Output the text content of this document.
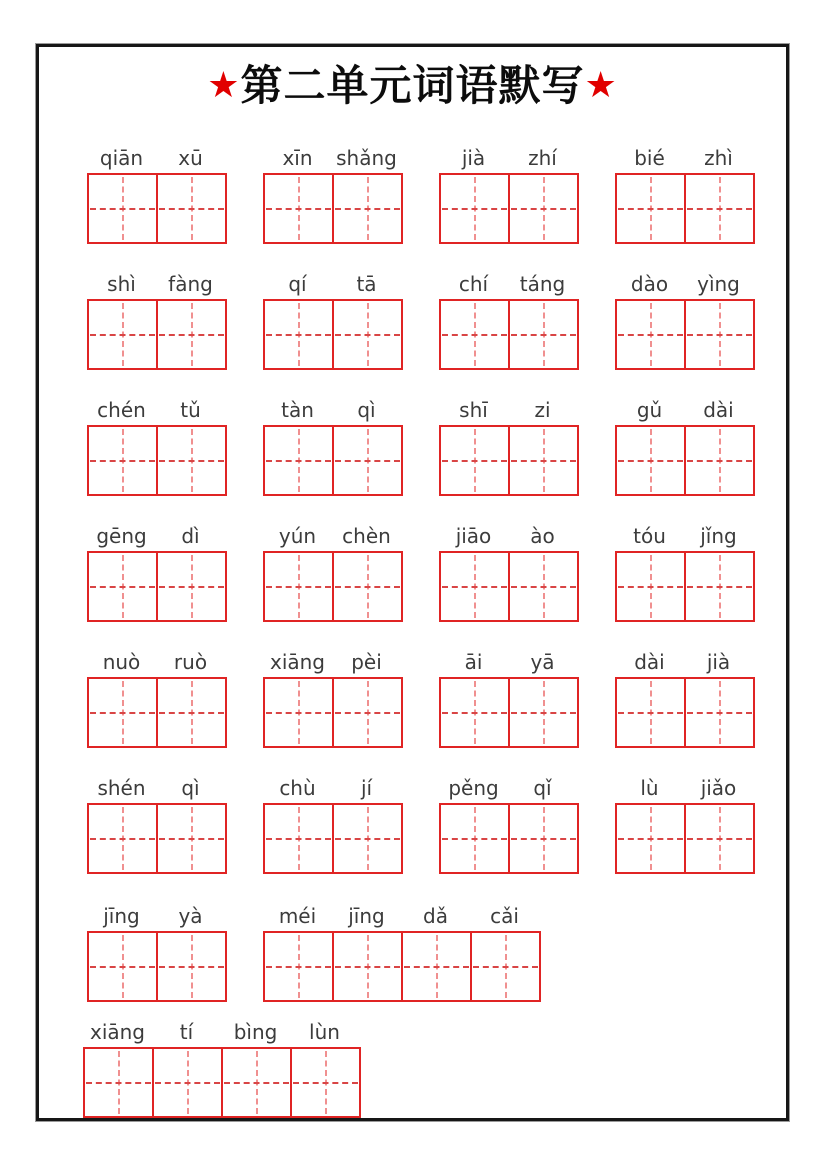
★第二单元词语默写★
qiān	xū	xīn	shǎng	jià	zhí	bié	zhì
shì	fàng	qí	tā	chí	táng	dào	yìng
chén	tǔ	tàn	qì	shī	zi	gǔ	dài
gēng	dì	yún	chèn	jiāo	ào	tóu	jǐng
nuò	ruò	xiāng	pèi	āi	yā	dài	jià
shén	qì	chù	jí	pěng	qǐ	lù	jiǎo
jīng	yà	méi	jīng	dǎ	cǎi
xiāng	tí	bìng	lùn
